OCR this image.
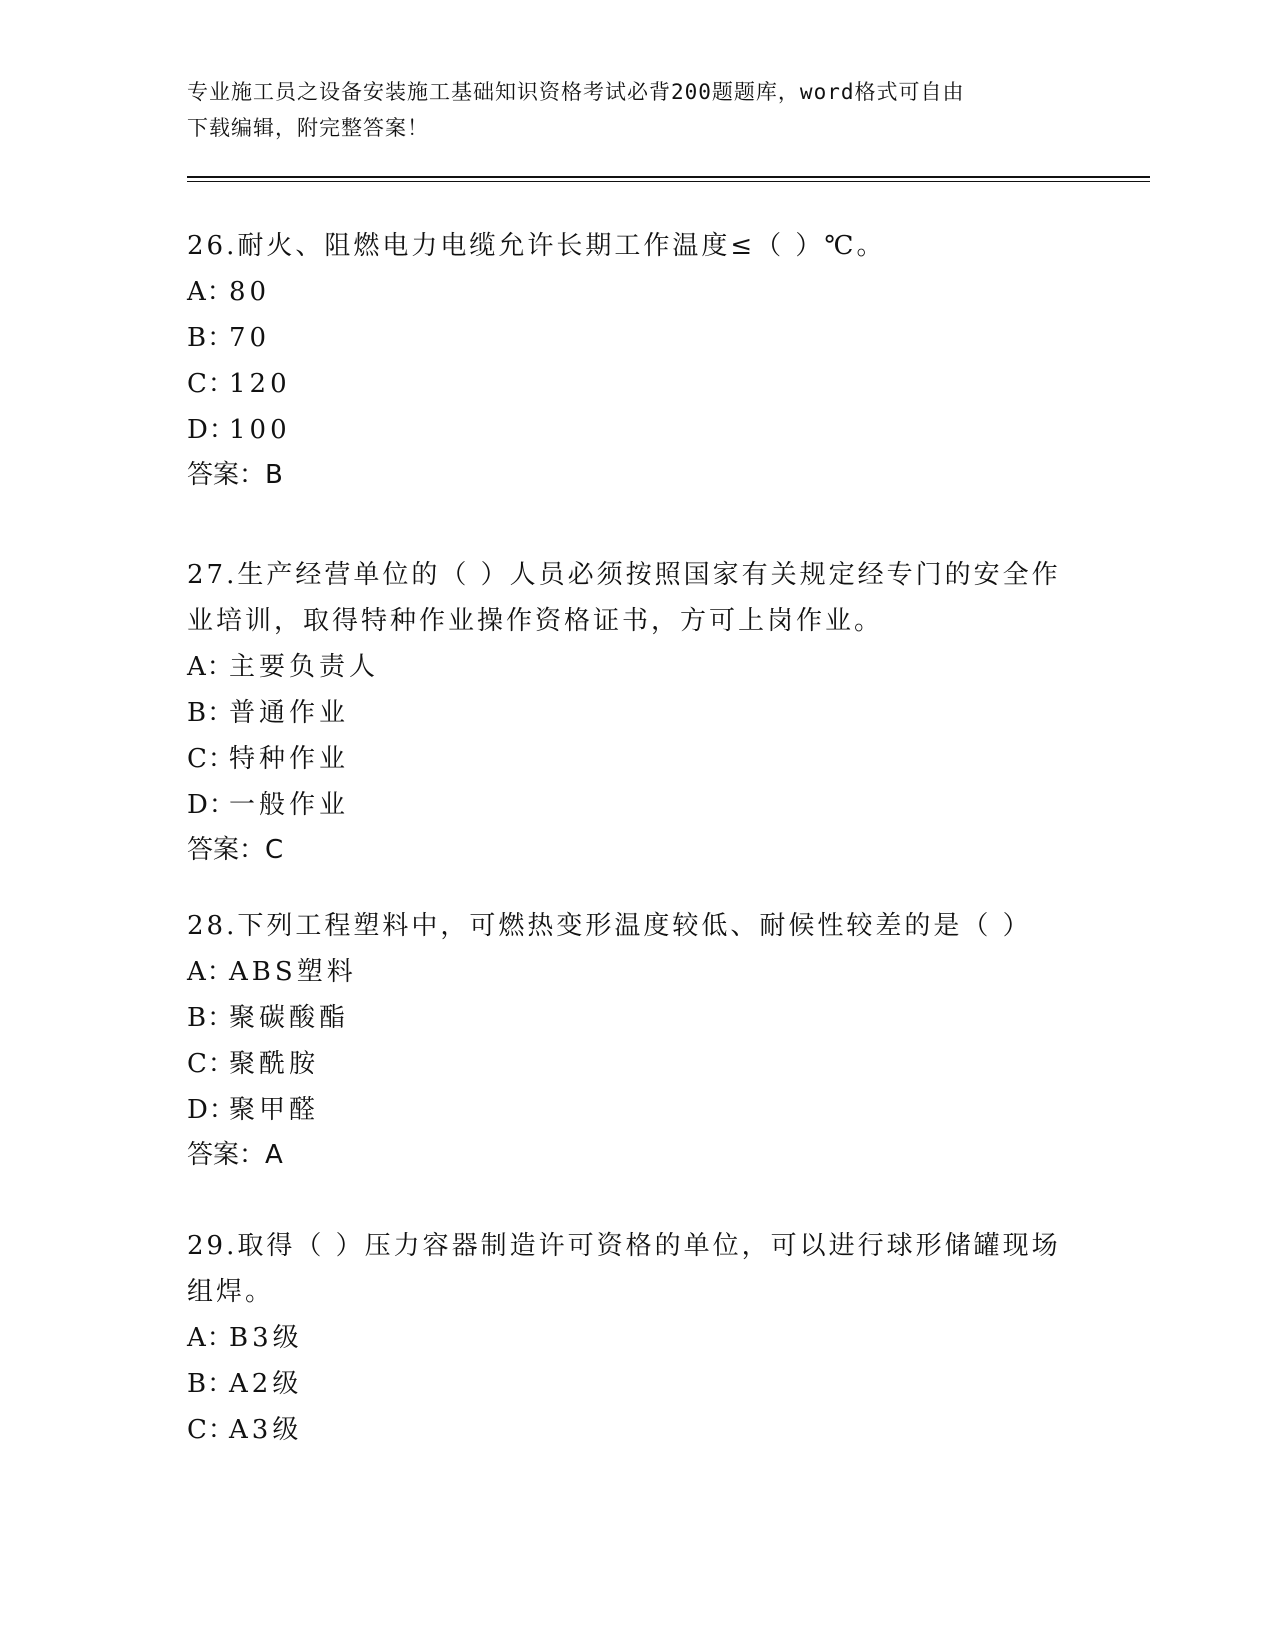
专业施工员之设备安装施工基础知识资格考试必背200题题库，word格式可自由
下载编辑，附完整答案！

26.耐火、阻燃电力电缆允许长期工作温度≤（ ）℃。

A：
80
B：
70
C：
120
D：
100
答案：B

27.生产经营单位的（ ）人员必须按照国家有关规定经专门的安全作业培训，取得特种作业操作资格证书，方可上岗作业。

A：
主要负责人
B：
普通作业
C：
特种作业
D：
一般作业
答案：C

28.下列工程塑料中，可燃热变形温度较低、耐候性较差的是（ ）

A：
ABS塑料
B：
聚碳酸酯
C：
聚酰胺
D：
聚甲醛
答案：A

29.取得（ ）压力容器制造许可资格的单位，可以进行球形储罐现场组焊。

A：
B3级
B：
A2级
C：
A3级
